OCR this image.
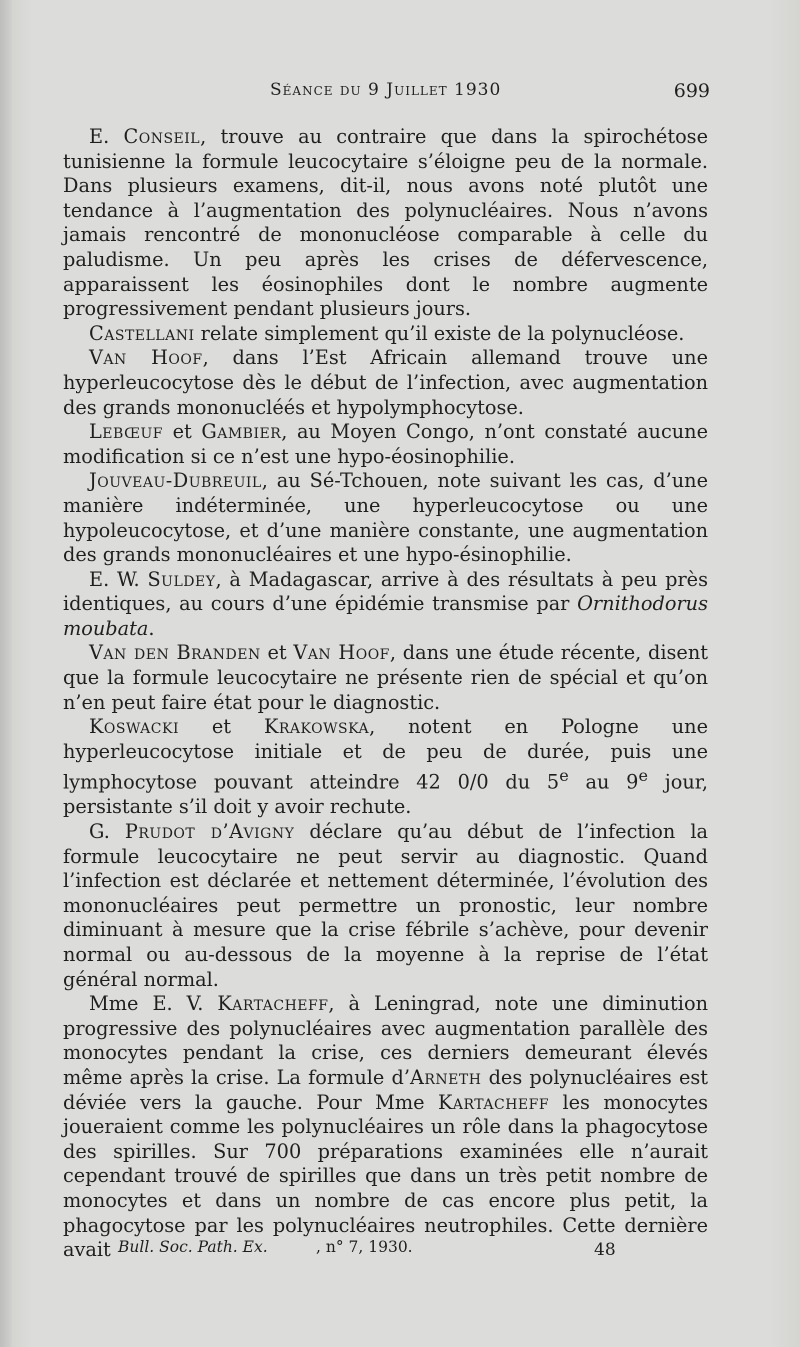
Séance du 9 Juillet 1930	699

E. Conseil, trouve au contraire que dans la spirochétose tunisienne la formule leucocytaire s’éloigne peu de la normale. Dans plusieurs examens, dit-il, nous avons noté plutôt une tendance à l’augmentation des polynucléaires. Nous n’avons jamais rencontré de mononucléose comparable à celle du paludisme. Un peu après les crises de défervescence, apparaissent les éosinophiles dont le nombre augmente progressivement pendant plusieurs jours.

Castellani relate simplement qu’il existe de la polynucléose.

Van Hoof, dans l’Est Africain allemand trouve une hyperleucocytose dès le début de l’infection, avec augmentation des grands mononucléés et hypolymphocytose.

Lebœuf et Gambier, au Moyen Congo, n’ont constaté aucune modification si ce n’est une hypo-éosinophilie.

Jouveau-Dubreuil, au Sé-Tchouen, note suivant les cas, d’une manière indéterminée, une hyperleucocytose ou une hypoleucocytose, et d’une manière constante, une augmentation des grands mononucléaires et une hypo-ésinophilie.

E. W. Suldey, à Madagascar, arrive à des résultats à peu près identiques, au cours d’une épidémie transmise par Ornithodorus moubata.

Van den Branden et Van Hoof, dans une étude récente, disent que la formule leucocytaire ne présente rien de spécial et qu’on n’en peut faire état pour le diagnostic.

Koswacki et Krakowska, notent en Pologne une hyperleucocytose initiale et de peu de durée, puis une lymphocytose pouvant atteindre 42 0/0 du 5e au 9e jour, persistante s’il doit y avoir rechute.

G. Prudot d’Avigny déclare qu’au début de l’infection la formule leucocytaire ne peut servir au diagnostic. Quand l’infection est déclarée et nettement déterminée, l’évolution des mononucléaires peut permettre un pronostic, leur nombre diminuant à mesure que la crise fébrile s’achève, pour devenir normal ou au-dessous de la moyenne à la reprise de l’état général normal.

Mme E. V. Kartacheff, à Leningrad, note une diminution progressive des polynucléaires avec augmentation parallèle des monocytes pendant la crise, ces derniers demeurant élevés même après la crise. La formule d’Arneth des polynucléaires est déviée vers la gauche. Pour Mme Kartacheff les monocytes joueraient comme les polynucléaires un rôle dans la phagocytose des spirilles. Sur 700 préparations examinées elle n’aurait cependant trouvé de spirilles que dans un très petit nombre de monocytes et dans un nombre de cas encore plus petit, la phagocytose par les polynucléaires neutrophiles. Cette dernière avait Bull. Soc. Path. Ex.	, n° 7, 1930.	48
